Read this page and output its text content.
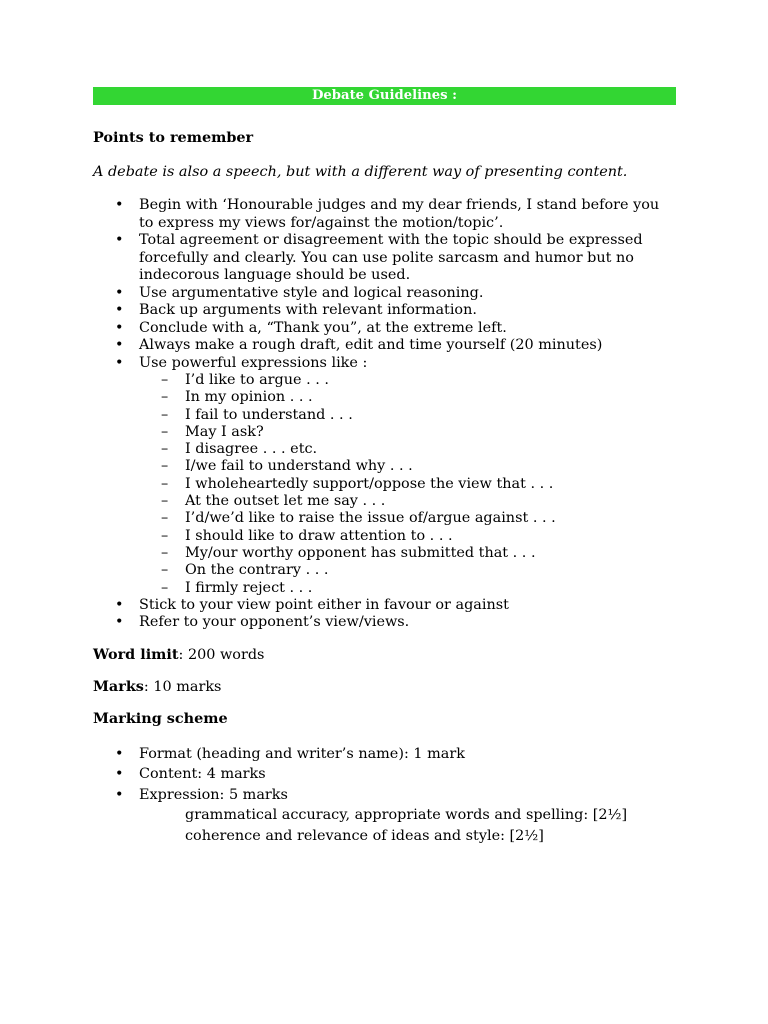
Debate Guidelines :
Points to remember
A debate is also a speech, but with a different way of presenting content.
• Begin with ‘Honourable judges and my dear friends, I stand before you to express my views for/against the motion/topic’.
• Total agreement or disagreement with the topic should be expressed forcefully and clearly. You can use polite sarcasm and humor but no indecorous language should be used.
• Use argumentative style and logical reasoning.
• Back up arguments with relevant information.
• Conclude with a, “Thank you”, at the extreme left.
• Always make a rough draft, edit and time yourself (20 minutes)
• Use powerful expressions like :
– I’d like to argue . . .
– In my opinion . . .
– I fail to understand . . .
– May I ask?
– I disagree . . . etc.
– I/we fail to understand why . . .
– I wholeheartedly support/oppose the view that . . .
– At the outset let me say . . .
– I’d/we’d like to raise the issue of/argue against . . .
– I should like to draw attention to . . .
– My/our worthy opponent has submitted that . . .
– On the contrary . . .
– I firmly reject . . .
• Stick to your view point either in favour or against
• Refer to your opponent’s view/views.
Word limit: 200 words
Marks: 10 marks
Marking scheme
• Format (heading and writer’s name): 1 mark
• Content: 4 marks
• Expression: 5 marks
grammatical accuracy, appropriate words and spelling: [2½]
coherence and relevance of ideas and style: [2½]
